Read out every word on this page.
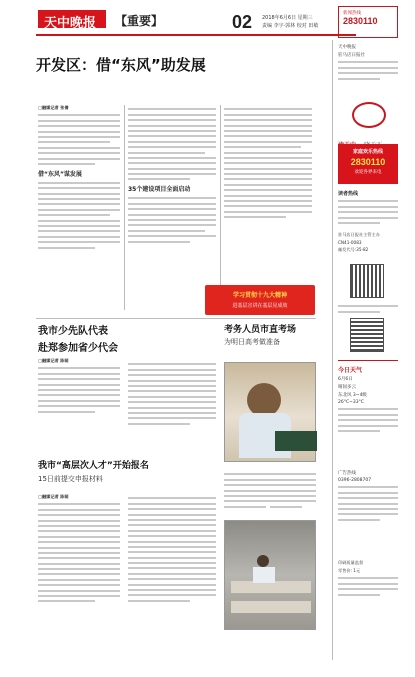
天中晚报 【重要】	02 2018年6月6日 星期三
责编 李宇·郭林 校对 田敏
开发区：借“东风”助发展
□融媒记者 张倩
借“东风”谋发展
35个建设项目全面启动
学习贯彻十九大精神
进基层宣讲在基层见成效
我市少先队代表
赴郑参加省少代会
□融媒记者 陈萌
考务人员市直考场
为明日高考做准备
我市“高层次人才”开始报名
15日前提交申报材料
□融媒记者 陈萌
新闻热线
2830110
天中晚报
驻马店日报社
家庭欢乐热线
2830110
欢迎各界来电
读者热线
驻马店日报社主管主办
CN41-0083
邮发代号:35-82
今日天气
6月6日
晴间多云
东北风 3~4级
26°C~33°C
广告热线
0396-2808707
印刷质量监督
零售价: 1元
